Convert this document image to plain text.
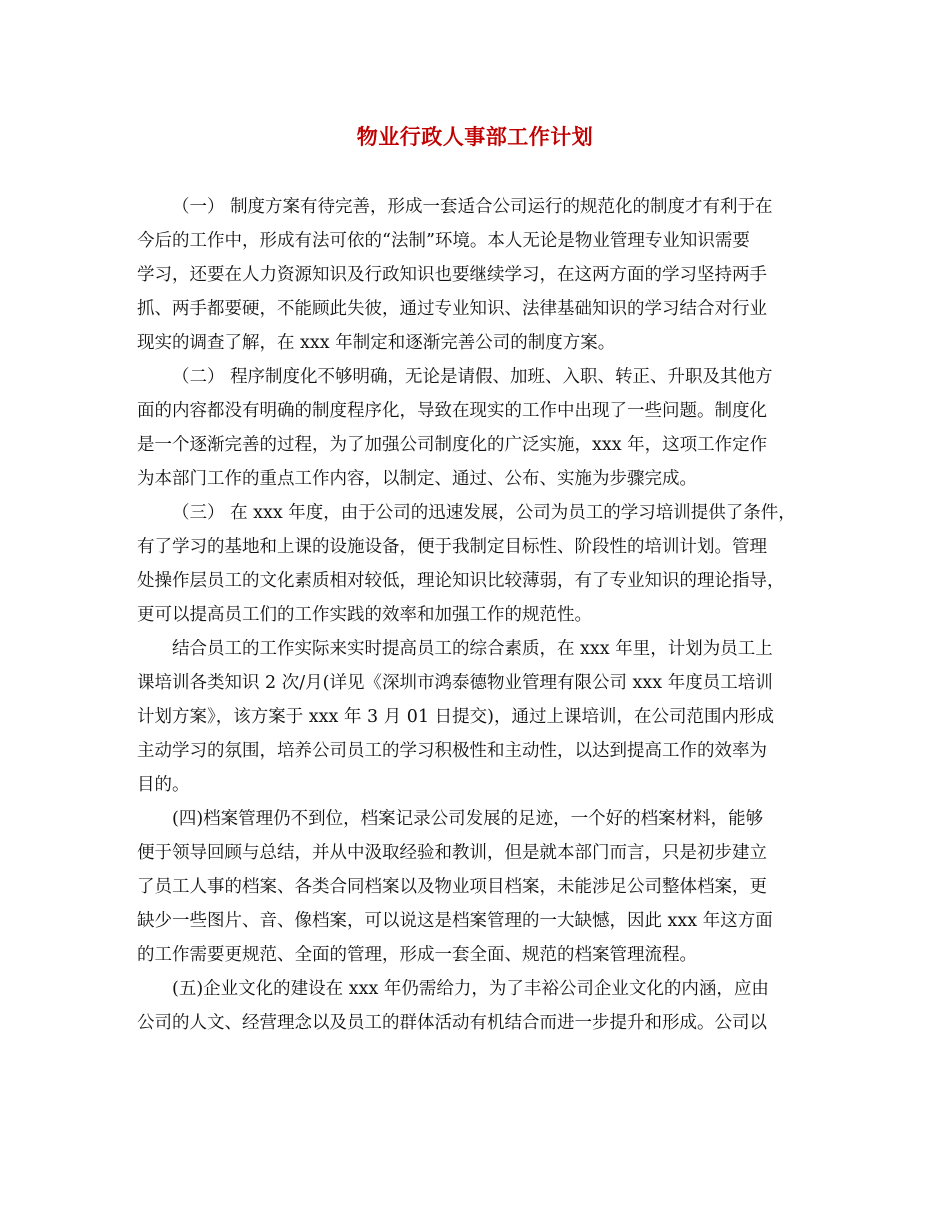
物业行政人事部工作计划
（一） 制度方案有待完善，形成一套适合公司运行的规范化的制度才有利于在
今后的工作中，形成有法可依的“法制”环境。本人无论是物业管理专业知识需要
学习，还要在人力资源知识及行政知识也要继续学习，在这两方面的学习坚持两手
抓、两手都要硬，不能顾此失彼，通过专业知识、法律基础知识的学习结合对行业
现实的调查了解，在 xxx 年制定和逐渐完善公司的制度方案。
（二） 程序制度化不够明确，无论是请假、加班、入职、转正、升职及其他方
面的内容都没有明确的制度程序化，导致在现实的工作中出现了一些问题。制度化
是一个逐渐完善的过程，为了加强公司制度化的广泛实施，xxx 年，这项工作定作
为本部门工作的重点工作内容，以制定、通过、公布、实施为步骤完成。
（三） 在 xxx 年度，由于公司的迅速发展，公司为员工的学习培训提供了条件，
有了学习的基地和上课的设施设备，便于我制定目标性、阶段性的培训计划。管理
处操作层员工的文化素质相对较低，理论知识比较薄弱，有了专业知识的理论指导，
更可以提高员工们的工作实践的效率和加强工作的规范性。
结合员工的工作实际来实时提高员工的综合素质，在 xxx 年里，计划为员工上
课培训各类知识 2 次/月(详见《深圳市鸿泰德物业管理有限公司 xxx 年度员工培训
计划方案》，该方案于 xxx 年 3 月 01 日提交)，通过上课培训，在公司范围内形成
主动学习的氛围，培养公司员工的学习积极性和主动性，以达到提高工作的效率为
目的。
(四)档案管理仍不到位，档案记录公司发展的足迹，一个好的档案材料，能够
便于领导回顾与总结，并从中汲取经验和教训，但是就本部门而言，只是初步建立
了员工人事的档案、各类合同档案以及物业项目档案，未能涉足公司整体档案，更
缺少一些图片、音、像档案，可以说这是档案管理的一大缺憾，因此 xxx 年这方面
的工作需要更规范、全面的管理，形成一套全面、规范的档案管理流程。
(五)企业文化的建设在 xxx 年仍需给力，为了丰裕公司企业文化的内涵，应由
公司的人文、经营理念以及员工的群体活动有机结合而进一步提升和形成。公司以
